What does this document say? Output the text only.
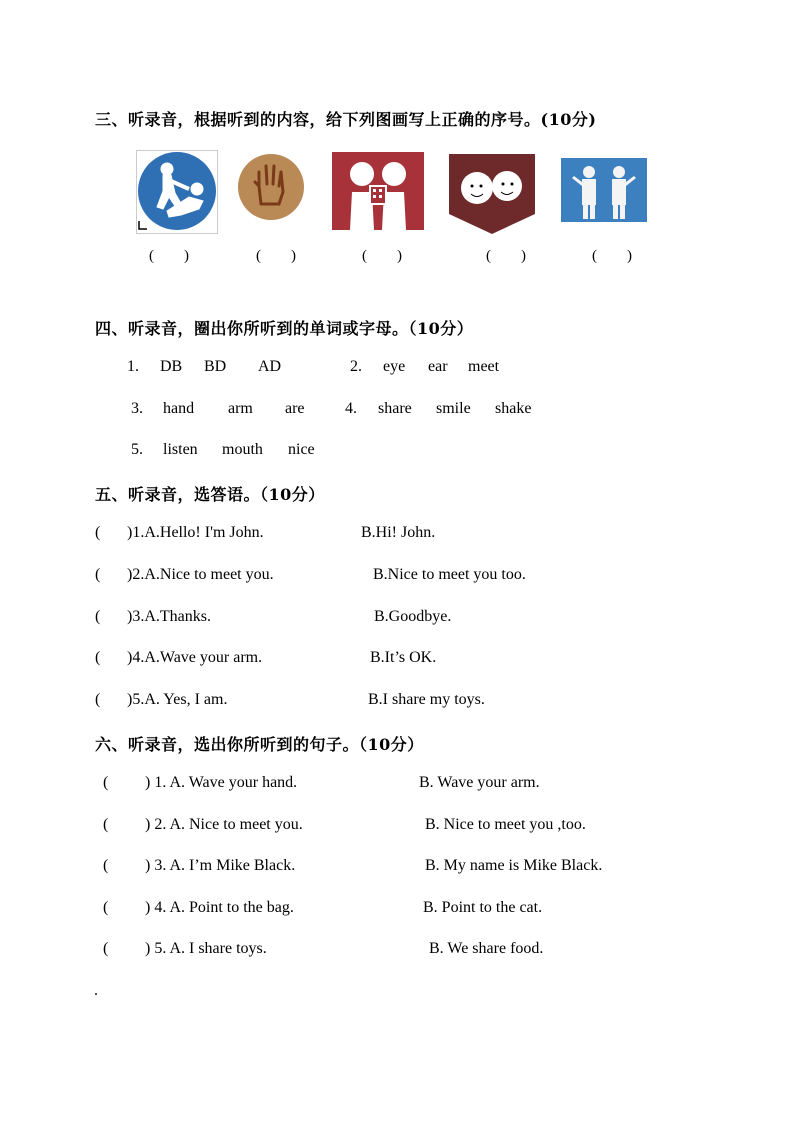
三、听录音，根据听到的内容，给下列图画写上正确的序号。(10分)
(　　)	(　　)	(　　)	(　　)	(　　)
四、听录音，圈出你所听到的单词或字母。（10分）
1. DB BD AD	2. eye ear meet
3. hand arm are	4. share smile shake
5. listen mouth nice
五、听录音，选答语。（10分）
( )1.A.Hello! I'm John.	B.Hi! John.
( )2.A.Nice to meet you.	B.Nice to meet you too.
( )3.A.Thanks.	B.Goodbye.
( )4.A.Wave your arm.	B.It’s OK.
( )5.A. Yes, I am.	B.I share my toys.
六、听录音，选出你所听到的句子。（10分）
( ) 1. A. Wave your hand.	B. Wave your arm.
( ) 2. A. Nice to meet you.	B. Nice to meet you ,too.
( ) 3. A. I’m Mike Black.	B. My name is Mike Black.
( ) 4. A. Point to the bag.	B. Point to the cat.
( ) 5. A. I share toys.	B. We share food.
.
